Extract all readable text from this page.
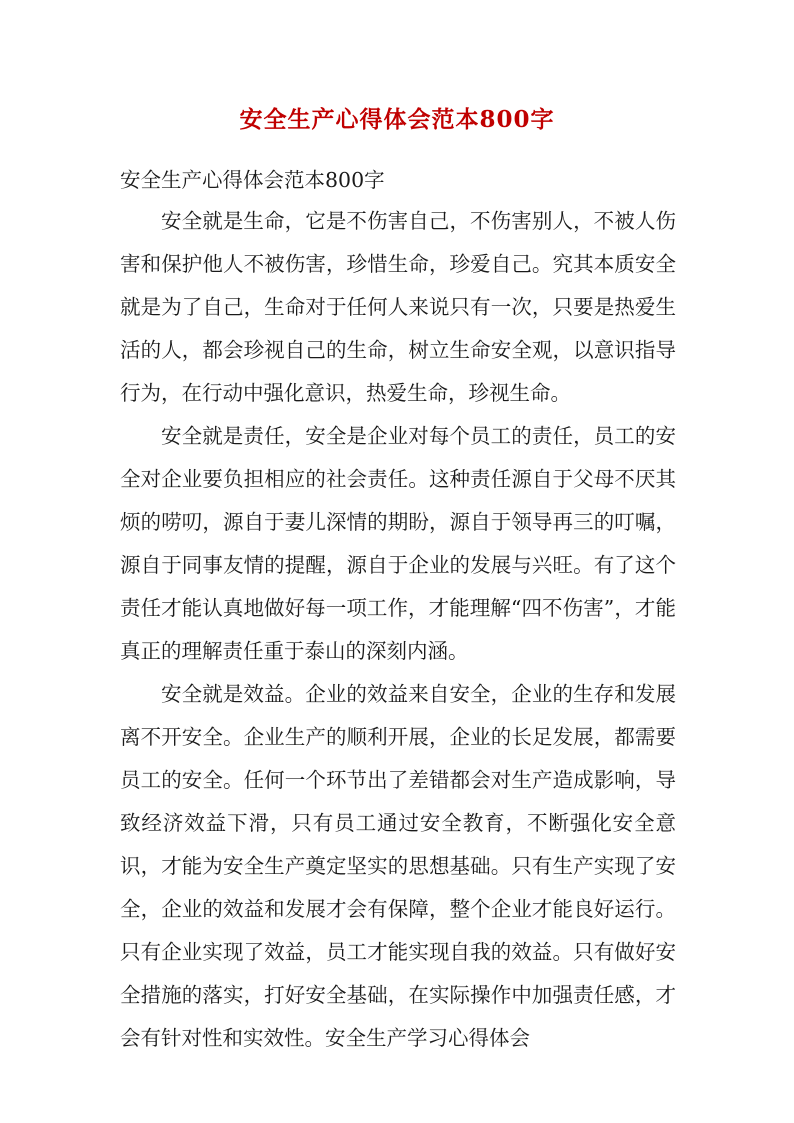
安全生产心得体会范本800字

安全生产心得体会范本800字

安全就是生命，它是不伤害自己，不伤害别人，不被人伤害和保护他人不被伤害，珍惜生命，珍爱自己。究其本质安全就是为了自己，生命对于任何人来说只有一次，只要是热爱生活的人，都会珍视自己的生命，树立生命安全观，以意识指导行为，在行动中强化意识，热爱生命，珍视生命。

安全就是责任，安全是企业对每个员工的责任，员工的安全对企业要负担相应的社会责任。这种责任源自于父母不厌其烦的唠叨，源自于妻儿深情的期盼，源自于领导再三的叮嘱，源自于同事友情的提醒，源自于企业的发展与兴旺。有了这个责任才能认真地做好每一项工作，才能理解“四不伤害”，才能真正的理解责任重于泰山的深刻内涵。

安全就是效益。企业的效益来自安全，企业的生存和发展离不开安全。企业生产的顺利开展，企业的长足发展，都需要员工的安全。任何一个环节出了差错都会对生产造成影响，导致经济效益下滑，只有员工通过安全教育，不断强化安全意识，才能为安全生产奠定坚实的思想基础。只有生产实现了安全，企业的效益和发展才会有保障，整个企业才能良好运行。只有企业实现了效益，员工才能实现自我的效益。只有做好安全措施的落实，打好安全基础，在实际操作中加强责任感，才会有针对性和实效性。安全生产学习心得体会
